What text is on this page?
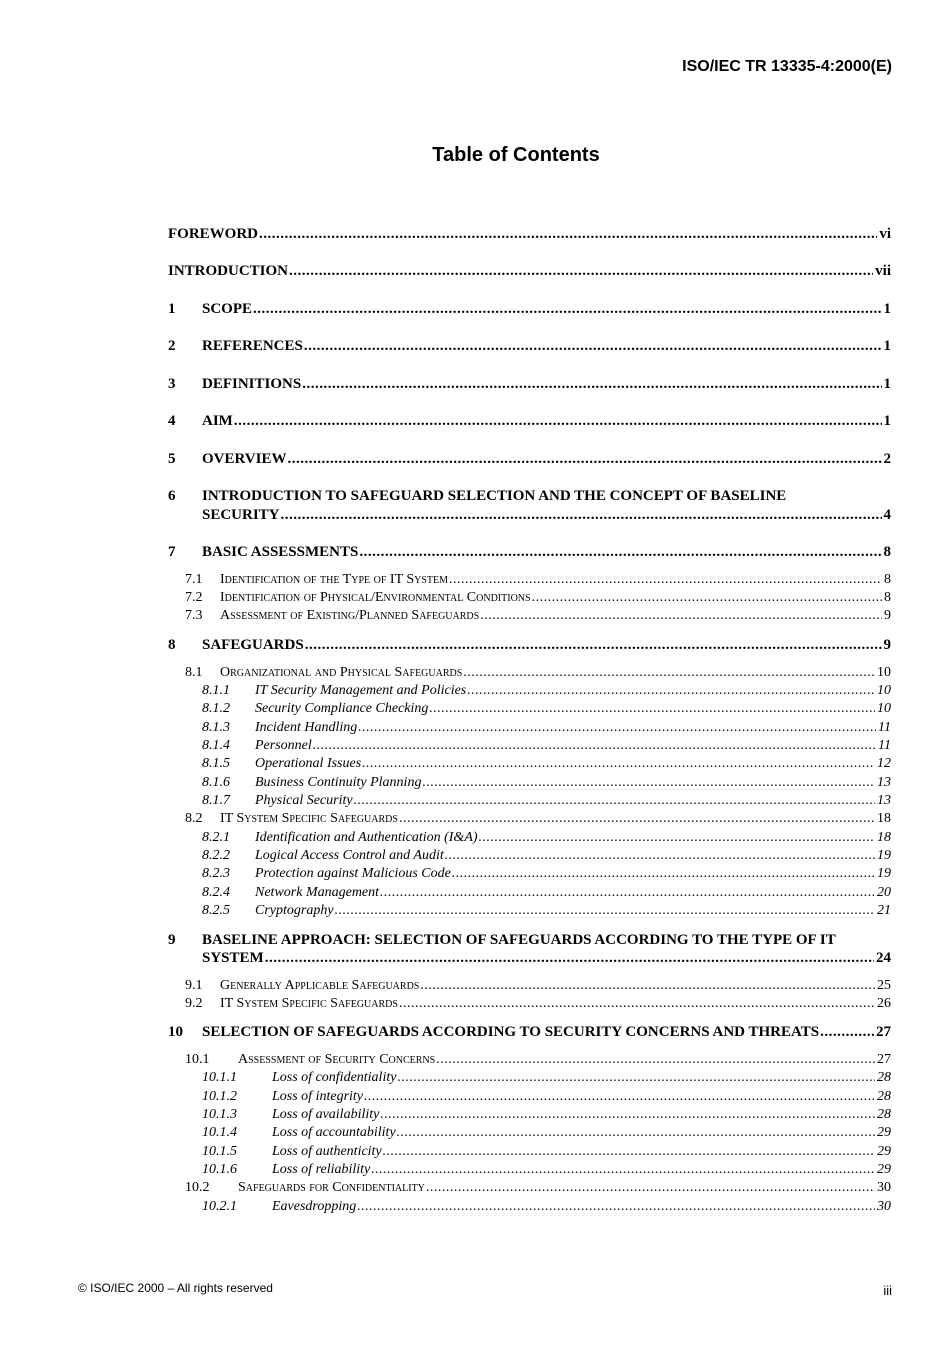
ISO/IEC TR 13335-4:2000(E)
Table of Contents
FOREWORD .....	vi
INTRODUCTION .....	vii
1	SCOPE .....	1
2	REFERENCES .....	1
3	DEFINITIONS .....	1
4	AIM .....	1
5	OVERVIEW .....	2
6 INTRODUCTION TO SAFEGUARD SELECTION AND THE CONCEPT OF BASELINE
SECURITY .....	4
7	BASIC ASSESSMENTS .....	8
7.1	Identification of the Type of IT System .....	8
7.2	Identification of Physical/Environmental Conditions .....	8
7.3	Assessment of Existing/Planned Safeguards .....	9
8	SAFEGUARDS .....	9
8.1	Organizational and Physical Safeguards .....	10
8.1.1	IT Security Management and Policies .....	10
8.1.2	Security Compliance Checking .....	10
8.1.3	Incident Handling .....	11
8.1.4	Personnel .....	11
8.1.5	Operational Issues .....	12
8.1.6	Business Continuity Planning .....	13
8.1.7	Physical Security .....	13
8.2	IT System Specific Safeguards .....	18
8.2.1	Identification and Authentication (I&A) .....	18
8.2.2	Logical Access Control and Audit .....	19
8.2.3	Protection against Malicious Code .....	19
8.2.4	Network Management .....	20
8.2.5	Cryptography .....	21
9 BASELINE APPROACH: SELECTION OF SAFEGUARDS ACCORDING TO THE TYPE OF IT
SYSTEM .....	24
9.1	Generally Applicable Safeguards .....	25
9.2	IT System Specific Safeguards .....	26
10	SELECTION OF SAFEGUARDS ACCORDING TO SECURITY CONCERNS AND THREATS .....	27
10.1	Assessment of Security Concerns .....	27
10.1.1	Loss of confidentiality .....	28
10.1.2	Loss of integrity .....	28
10.1.3	Loss of availability .....	28
10.1.4	Loss of accountability .....	29
10.1.5	Loss of authenticity .....	29
10.1.6	Loss of reliability .....	29
10.2	Safeguards for Confidentiality .....	30
10.2.1	Eavesdropping .....	30
© ISO/IEC 2000 – All rights reserved	iii
